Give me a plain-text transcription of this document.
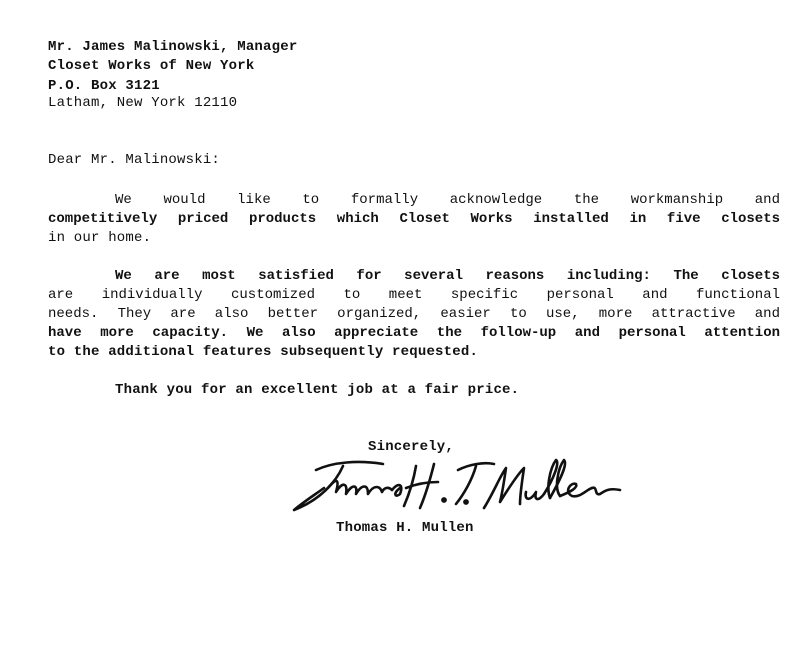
Mr. James Malinowski, Manager
Closet Works of New York
P.O. Box 3121
Latham, New York 12110
Dear Mr. Malinowski:
We would like to formally acknowledge the workmanship and
competitively priced products which Closet Works installed in five closets
in our home.
We are most satisfied for several reasons including: The closets
are individually customized to meet specific personal and functional
needs. They are also better organized, easier to use, more attractive and
have more capacity. We also appreciate the follow-up and personal attention
to the additional features subsequently requested.
Thank you for an excellent job at a fair price.
Sincerely,
Thomas H. Mullen
